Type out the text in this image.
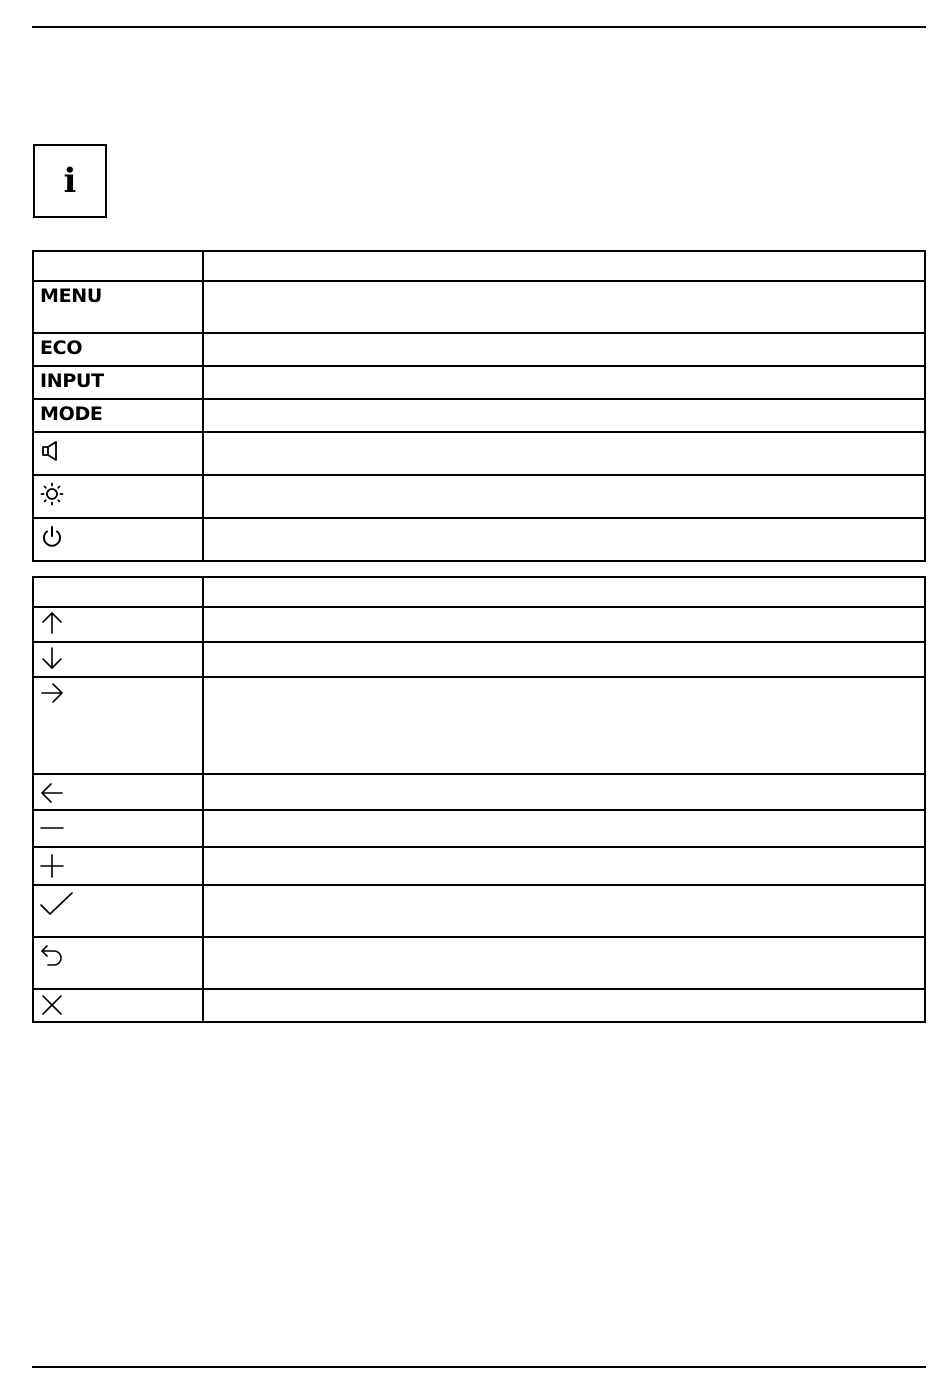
i

MENU	

ECO	

INPUT	

MODE	
